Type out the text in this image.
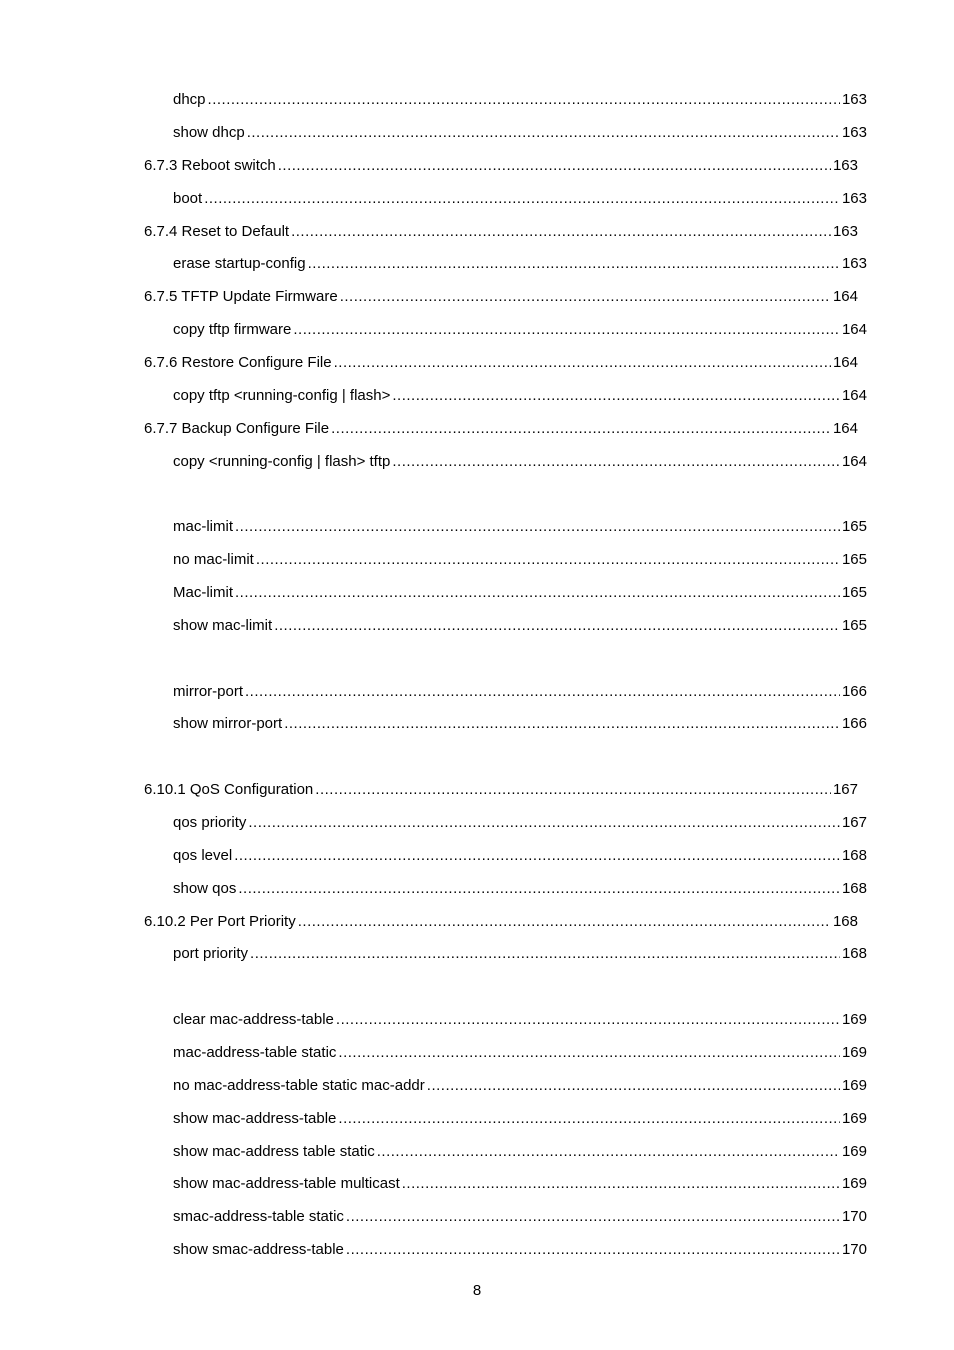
dhcp .....	163
show dhcp .....	163
6.7.3 Reboot switch .....	163
boot .....	163
6.7.4 Reset to Default .....	163
erase startup-config .....	163
6.7.5 TFTP Update Firmware .....	164
copy tftp firmware .....	164
6.7.6 Restore Configure File .....	164
copy tftp <running-config | flash> .....	164
6.7.7 Backup Configure File .....	164
copy <running-config | flash> tftp .....	164
mac-limit .....	165
no mac-limit .....	165
Mac-limit .....	165
show mac-limit .....	165
mirror-port .....	166
show mirror-port .....	166
6.10.1 QoS Configuration .....	167
qos priority .....	167
qos level .....	168
show qos .....	168
6.10.2 Per Port Priority .....	168
port priority .....	168
clear mac-address-table .....	169
mac-address-table static .....	169
no mac-address-table static mac-addr .....	169
show mac-address-table .....	169
show mac-address table static .....	169
show mac-address-table multicast .....	169
smac-address-table static .....	170
show smac-address-table .....	170
8
